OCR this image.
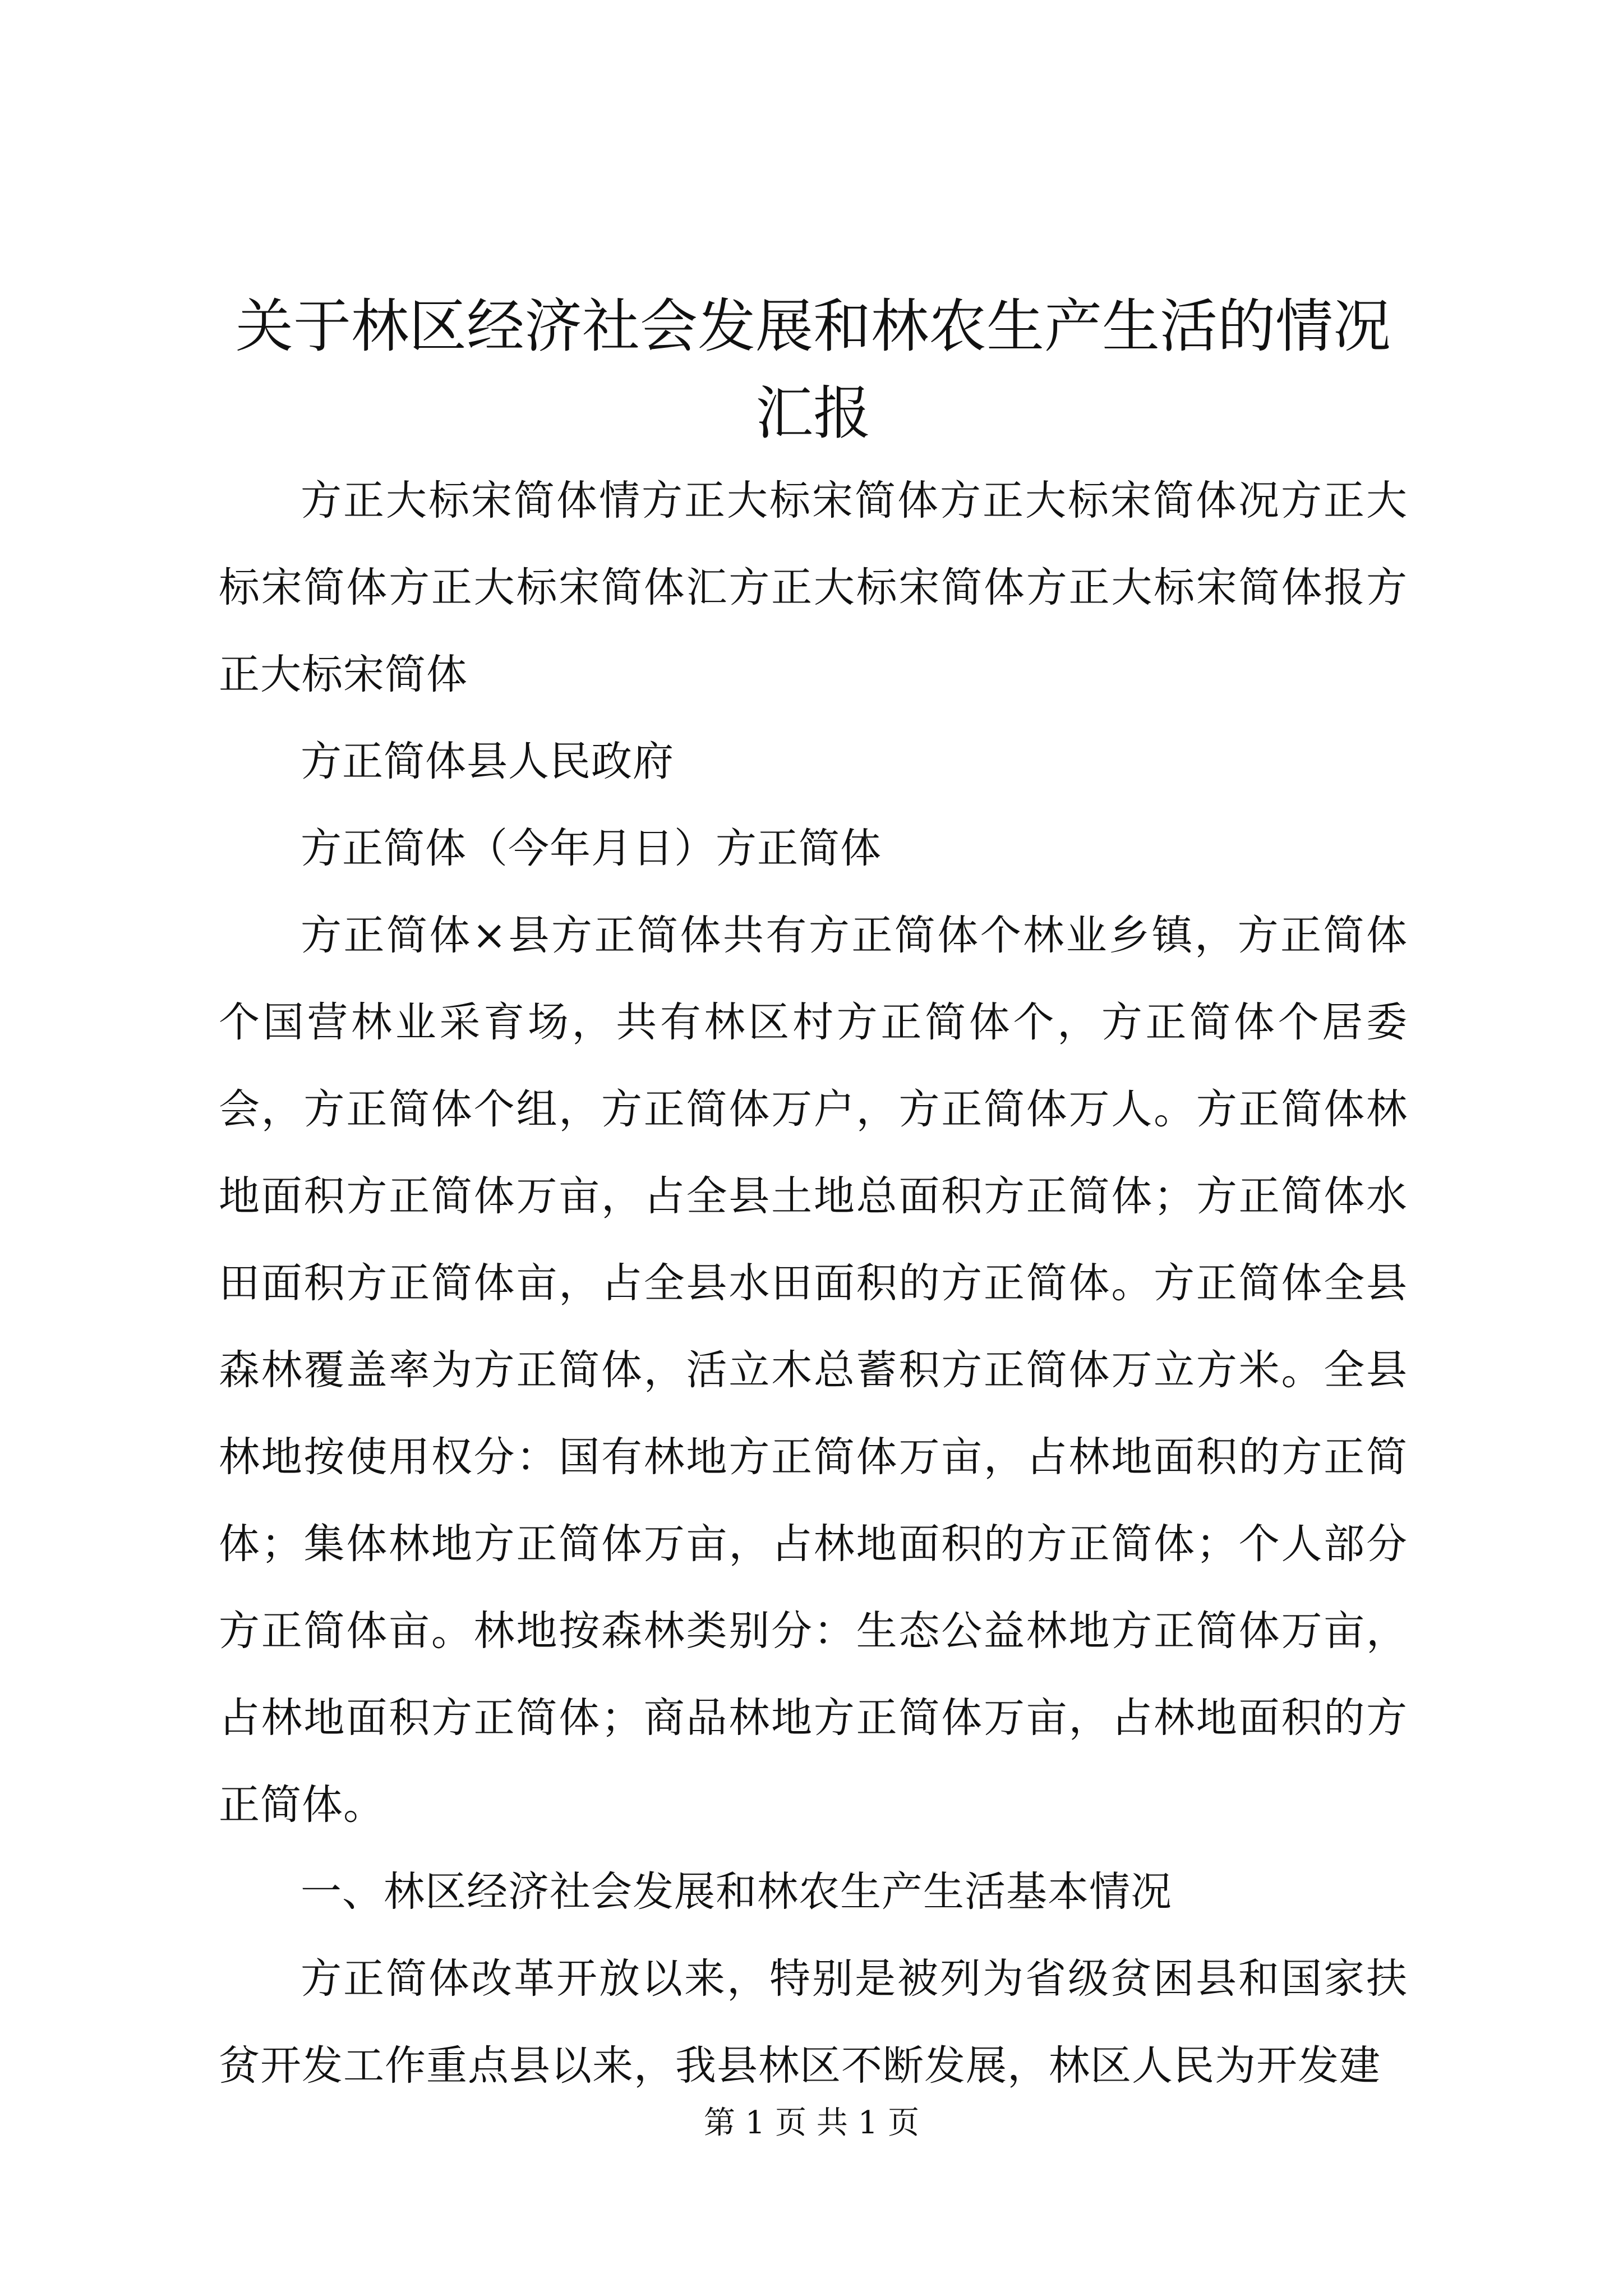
关于林区经济社会发展和林农生产生活的情况汇报

方正大标宋简体情方正大标宋简体方正大标宋简体况方正大标宋简体方正大标宋简体汇方正大标宋简体方正大标宋简体报方正大标宋简体

方正简体县人民政府

方正简体（今年月日）方正简体

方正简体×县方正简体共有方正简体个林业乡镇，方正简体个国营林业采育场，共有林区村方正简体个，方正简体个居委会，方正简体个组，方正简体万户，方正简体万人。方正简体林地面积方正简体万亩，占全县土地总面积方正简体；方正简体水田面积方正简体亩，占全县水田面积的方正简体。方正简体全县森林覆盖率为方正简体，活立木总蓄积方正简体万立方米。全县林地按使用权分：国有林地方正简体万亩，占林地面积的方正简体；集体林地方正简体万亩，占林地面积的方正简体；个人部分方正简体亩。林地按森林类别分：生态公益林地方正简体万亩，占林地面积方正简体；商品林地方正简体万亩，占林地面积的方正简体。

一、林区经济社会发展和林农生产生活基本情况

方正简体改革开放以来，特别是被列为省级贫困县和国家扶贫开发工作重点县以来，我县林区不断发展，林区人民为开发建

第 1 页 共 1 页
